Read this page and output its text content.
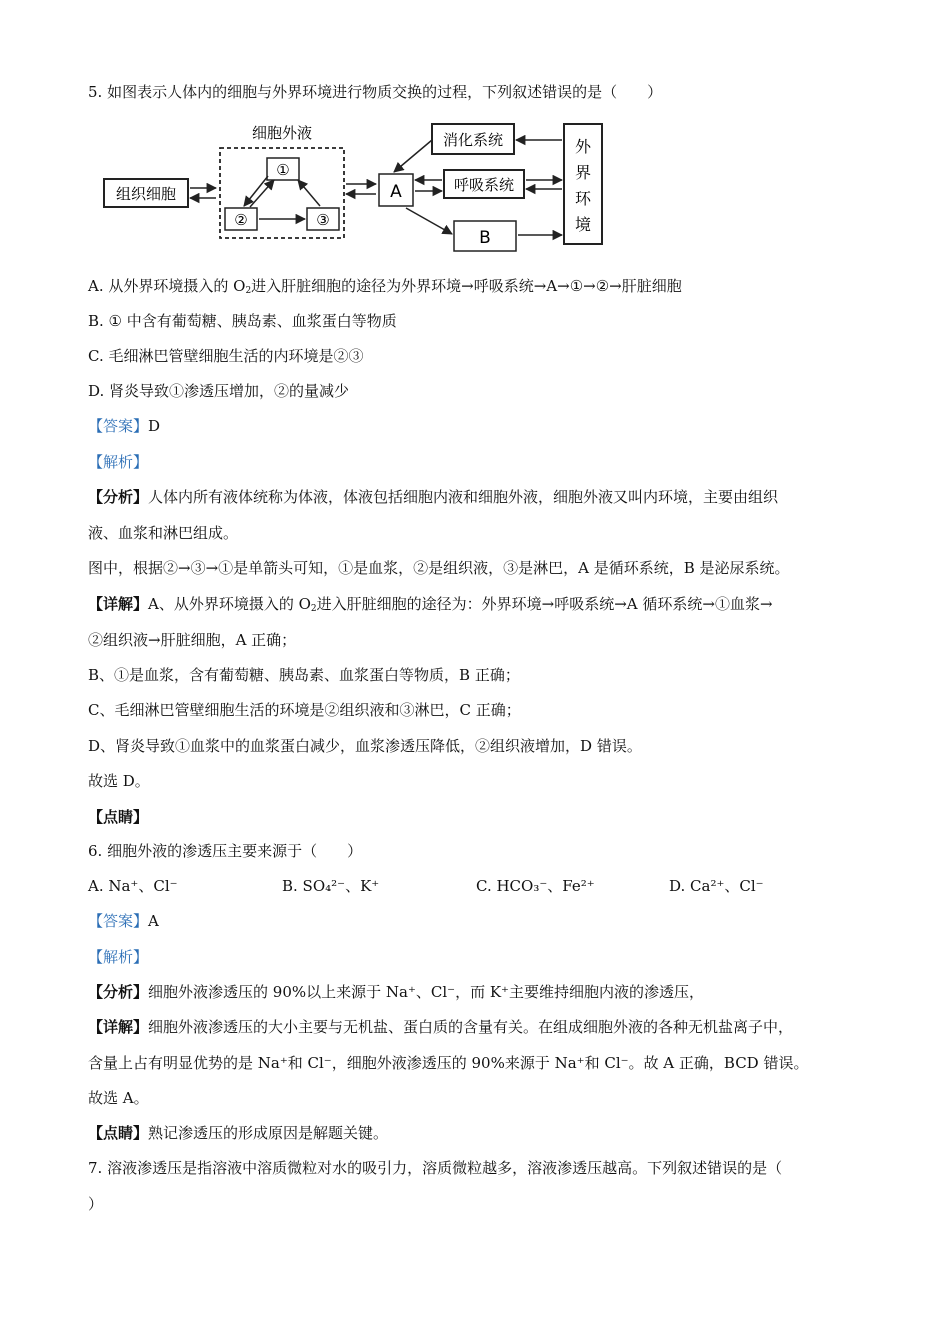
5. 如图表示人体内的细胞与外界环境进行物质交换的过程，下列叙述错误的是（　　）
组织细胞
细胞外液
①
②	③
A
消化系统
呼吸系统
B
外
界
环
境
A. 从外界环境摄入的 $O_2$进入肝脏细胞的途径为外界环境→呼吸系统→A→①→②→肝脏细胞
B. ① 中含有葡萄糖、胰岛素、血浆蛋白等物质
C. 毛细淋巴管壁细胞生活的内环境是②③
D. 肾炎导致①渗透压增加，②的量减少
【答案】D
【解析】
【分析】人体内所有液体统称为体液，体液包括细胞内液和细胞外液，细胞外液又叫内环境，主要由组织
液、血浆和淋巴组成。
图中，根据②→③→①是单箭头可知，①是血浆，②是组织液，③是淋巴，A 是循环系统，B 是泌尿系统。
【详解】A、从外界环境摄入的 $O_2$进入肝脏细胞的途径为：外界环境→呼吸系统→A 循环系统→①血浆→
②组织液→肝脏细胞，A 正确；
B、①是血浆，含有葡萄糖、胰岛素、血浆蛋白等物质，B 正确；
C、毛细淋巴管壁细胞生活的环境是②组织液和③淋巴，C 正确；
D、肾炎导致①血浆中的血浆蛋白减少，血浆渗透压降低，②组织液增加，D 错误。
故选 D。
【点睛】
6. 细胞外液的渗透压主要来源于（　　）
A. Na⁺、Cl⁻	B. SO₄²⁻、K⁺	C. HCO₃⁻、Fe²⁺	D. Ca²⁺、Cl⁻
【答案】A
【解析】
【分析】细胞外液渗透压的 90%以上来源于 Na⁺、Cl⁻，而 K⁺主要维持细胞内液的渗透压，
【详解】细胞外液渗透压的大小主要与无机盐、蛋白质的含量有关。在组成细胞外液的各种无机盐离子中，
含量上占有明显优势的是 Na⁺和 Cl⁻，细胞外液渗透压的 90%来源于 Na⁺和 Cl⁻。故 A 正确，BCD 错误。
故选 A。
【点睛】熟记渗透压的形成原因是解题关键。
7. 溶液渗透压是指溶液中溶质微粒对水的吸引力，溶质微粒越多，溶液渗透压越高。下列叙述错误的是（
）
